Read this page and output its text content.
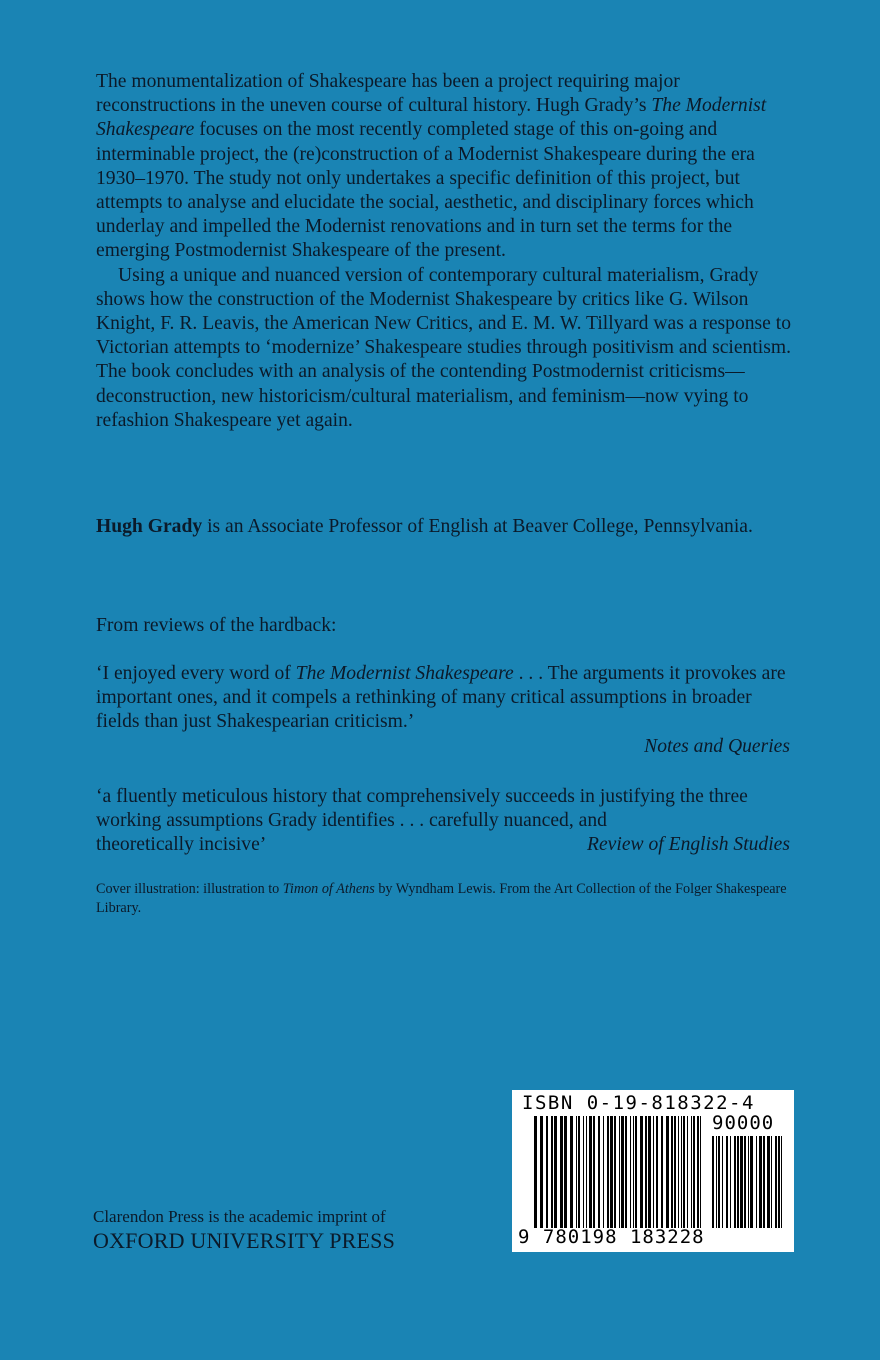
The monumentalization of Shakespeare has been a project requiring major reconstructions in the uneven course of cultural history. Hugh Grady’s The Modernist Shakespeare focuses on the most recently completed stage of this on-going and interminable project, the (re)construction of a Modernist Shakespeare during the era 1930–1970. The study not only undertakes a specific definition of this project, but attempts to analyse and elucidate the social, aesthetic, and disciplinary forces which underlay and impelled the Modernist renovations and in turn set the terms for the emerging Postmodernist Shakespeare of the present.

Using a unique and nuanced version of contemporary cultural materialism, Grady shows how the construction of the Modernist Shakespeare by critics like G. Wilson Knight, F. R. Leavis, the American New Critics, and E. M. W. Tillyard was a response to Victorian attempts to ‘modernize’ Shakespeare studies through positivism and scientism. The book concludes with an analysis of the contending Postmodernist criticisms—deconstruction, new historicism/cultural materialism, and feminism—now vying to refashion Shakespeare yet again.

Hugh Grady is an Associate Professor of English at Beaver College, Pennsylvania.

From reviews of the hardback:

‘I enjoyed every word of The Modernist Shakespeare . . . The arguments it provokes are important ones, and it compels a rethinking of many critical assumptions in broader fields than just Shakespearian criticism.’

Notes and Queries

‘a fluently meticulous history that comprehensively succeeds in justifying the three working assumptions Grady identifies . . . carefully nuanced, and

theoretically incisive’	Review of English Studies

Cover illustration: illustration to Timon of Athens by Wyndham Lewis. From the Art Collection of the Folger Shakespeare Library.

Clarendon Press is the academic imprint of
OXFORD UNIVERSITY PRESS
ISBN 0-19-818322-4
90000
9 780198 183228
